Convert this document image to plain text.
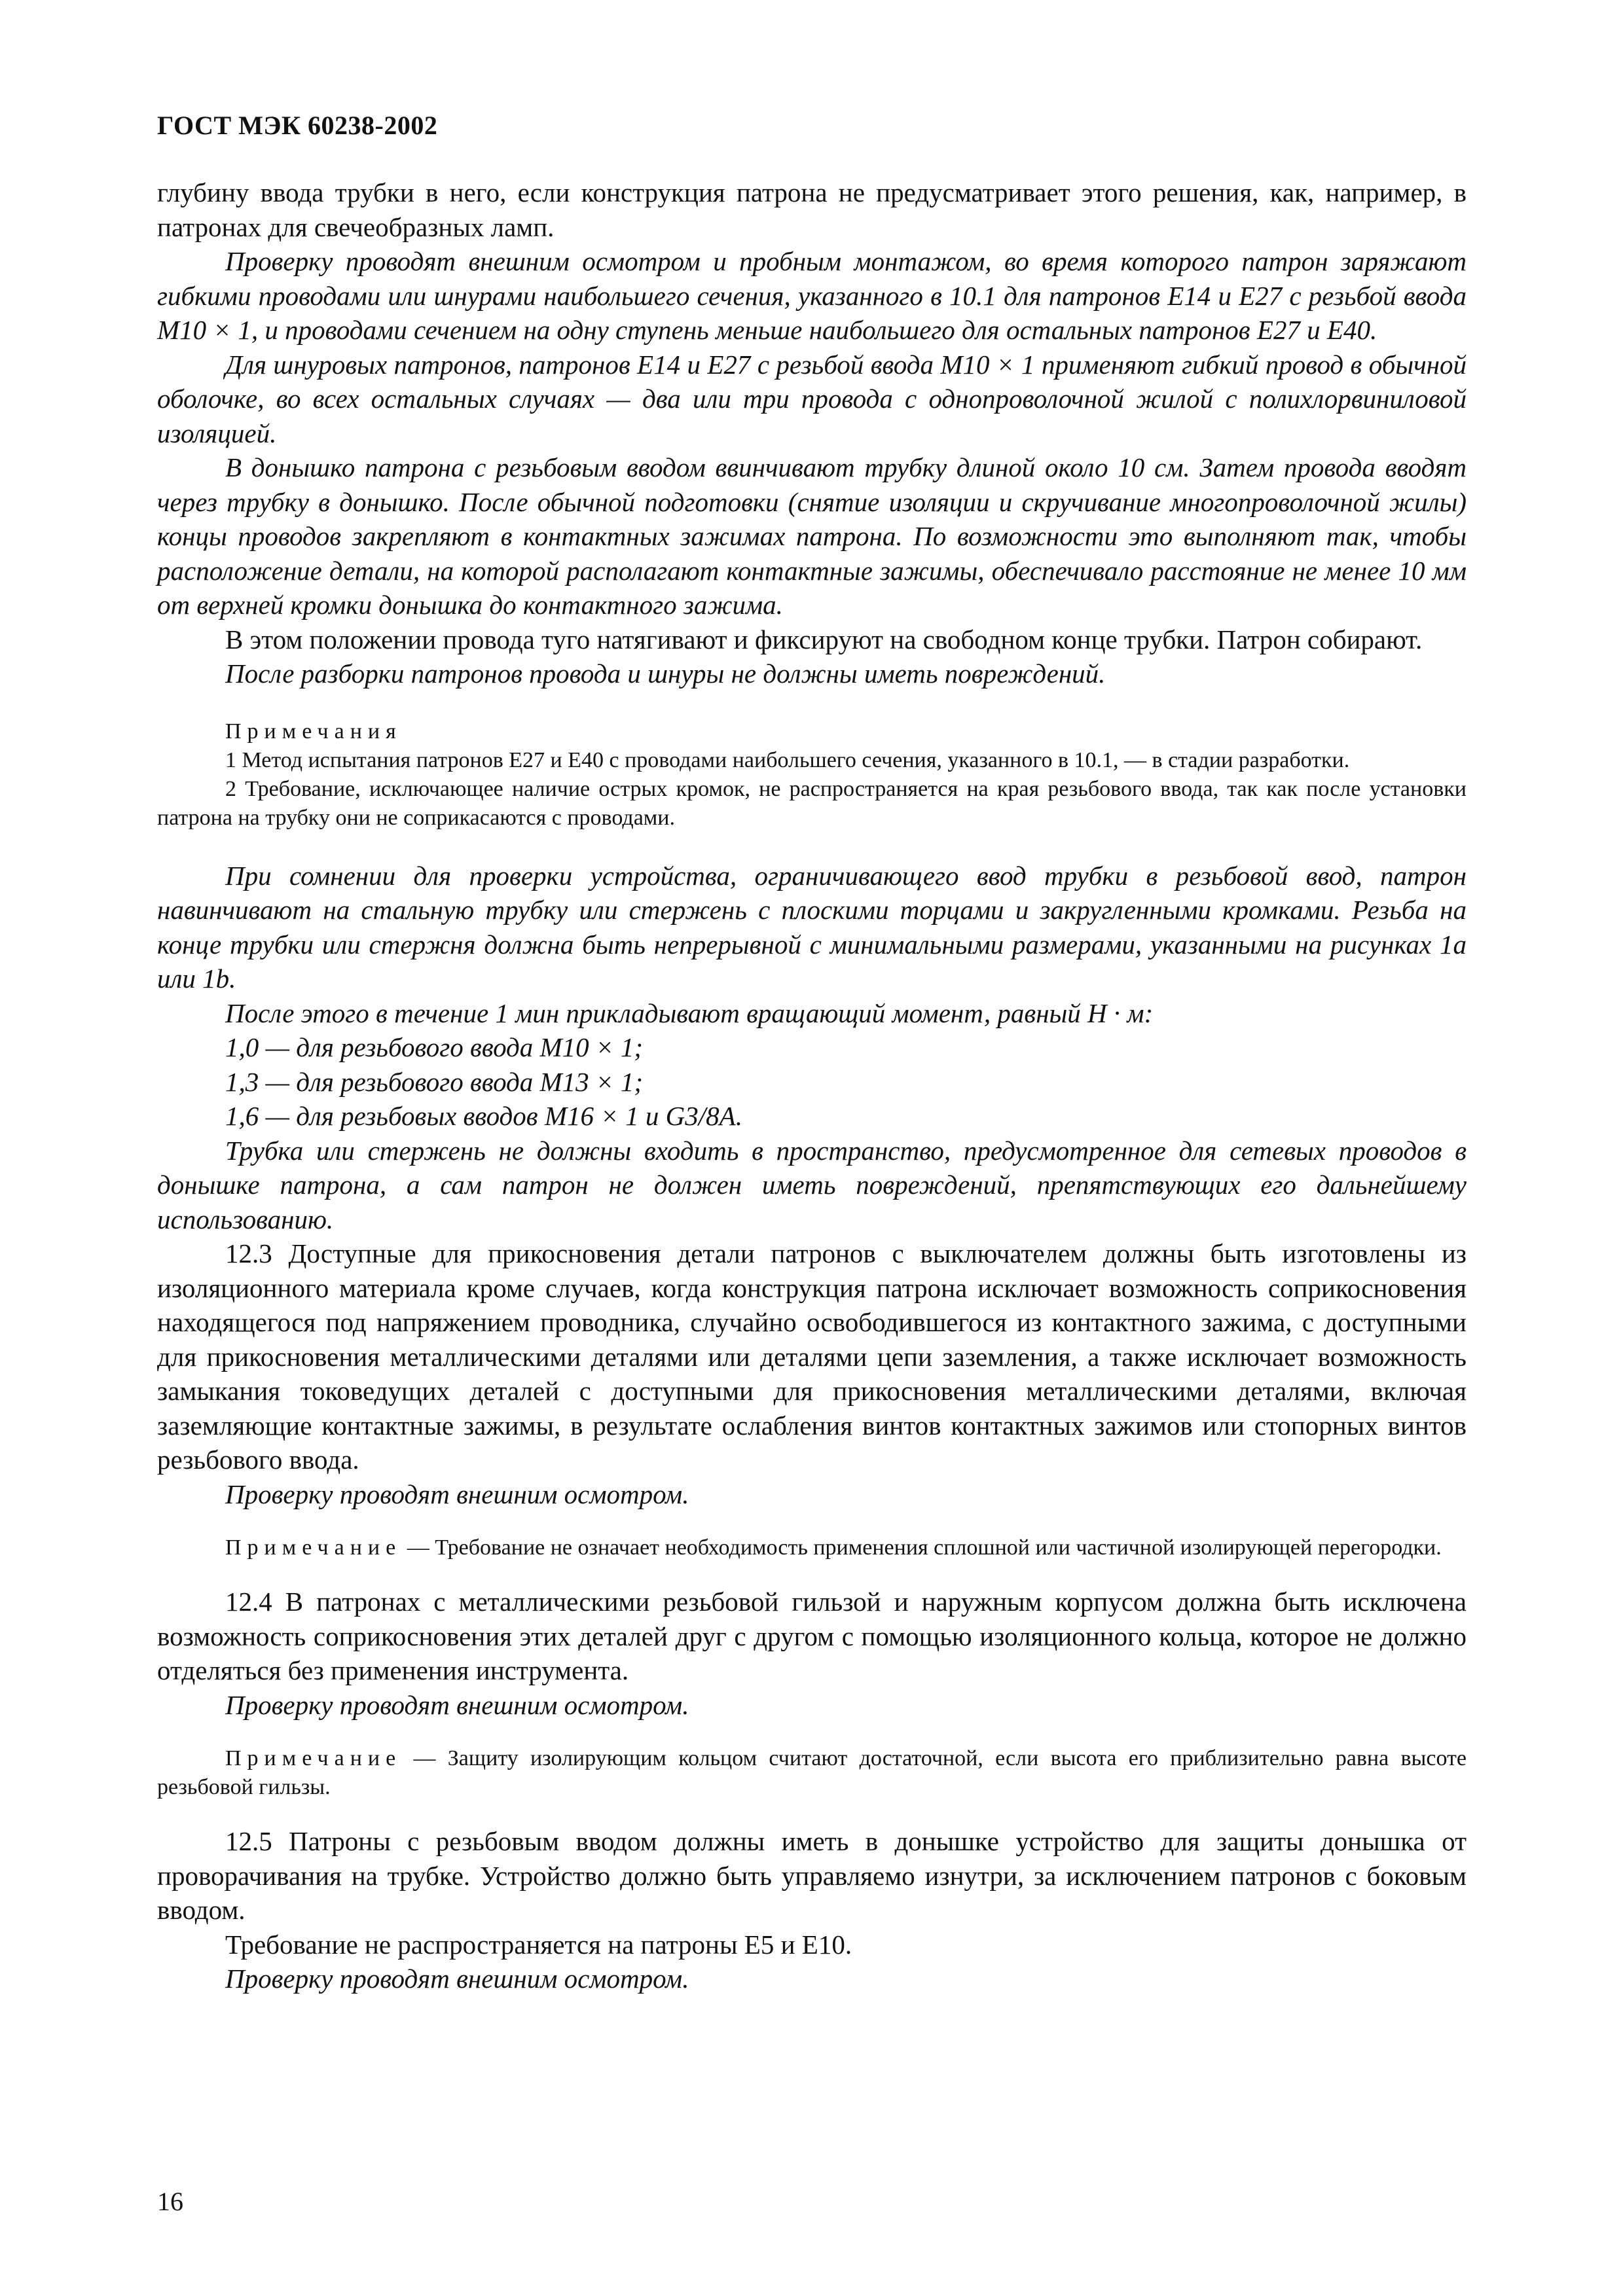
ГОСТ МЭК 60238-2002

глубину ввода трубки в него, если конструкция патрона не предусматривает этого решения, как, например, в патронах для свечеобразных ламп.

Проверку проводят внешним осмотром и пробным монтажом, во время которого патрон заряжают гибкими проводами или шнурами наибольшего сечения, указанного в 10.1 для патронов Е14 и Е27 с резьбой ввода M10 × 1, и проводами сечением на одну ступень меньше наибольшего для остальных патронов Е27 и Е40.

Для шнуровых патронов, патронов Е14 и Е27 с резьбой ввода М10 × 1 применяют гибкий провод в обычной оболочке, во всех остальных случаях — два или три провода с однопроволочной жилой с полихлорвиниловой изоляцией.

В донышко патрона с резьбовым вводом ввинчивают трубку длиной около 10 см. Затем провода вводят через трубку в донышко. После обычной подготовки (снятие изоляции и скручивание многопроволочной жилы) концы проводов закрепляют в контактных зажимах патрона. По возможности это выполняют так, чтобы расположение детали, на которой располагают контактные зажимы, обеспечивало расстояние не менее 10 мм от верхней кромки донышка до контактного зажима.

В этом положении провода туго натягивают и фиксируют на свободном конце трубки. Патрон собирают.

После разборки патронов провода и шнуры не должны иметь повреждений.

Примечания

1 Метод испытания патронов Е27 и Е40 с проводами наибольшего сечения, указанного в 10.1, — в стадии разработки.

2 Требование, исключающее наличие острых кромок, не распространяется на края резьбового ввода, так как после установки патрона на трубку они не соприкасаются с проводами.

При сомнении для проверки устройства, ограничивающего ввод трубки в резьбовой ввод, патрон навинчивают на стальную трубку или стержень с плоскими торцами и закругленными кромками. Резьба на конце трубки или стержня должна быть непрерывной с минимальными размерами, указанными на рисунках 1а или 1b.

После этого в течение 1 мин прикладывают вращающий момент, равный Н · м:

1,0 — для резьбового ввода М10 × 1;

1,3 — для резьбового ввода М13 × 1;

1,6 — для резьбовых вводов М16 × 1 и G3/8A.

Трубка или стержень не должны входить в пространство, предусмотренное для сетевых проводов в донышке патрона, а сам патрон не должен иметь повреждений, препятствующих его дальнейшему использованию.

12.3 Доступные для прикосновения детали патронов с выключателем должны быть изготовлены из изоляционного материала кроме случаев, когда конструкция патрона исключает возможность соприкосновения находящегося под напряжением проводника, случайно освободившегося из контактного зажима, с доступными для прикосновения металлическими деталями или деталями цепи заземления, а также исключает возможность замыкания токоведущих деталей с доступными для прикосновения металлическими деталями, включая заземляющие контактные зажимы, в результате ослабления винтов контактных зажимов или стопорных винтов резьбового ввода.

Проверку проводят внешним осмотром.

Примечание — Требование не означает необходимость применения сплошной или частичной изолирующей перегородки.

12.4 В патронах с металлическими резьбовой гильзой и наружным корпусом должна быть исключена возможность соприкосновения этих деталей друг с другом с помощью изоляционного кольца, которое не должно отделяться без применения инструмента.

Проверку проводят внешним осмотром.

Примечание — Защиту изолирующим кольцом считают достаточной, если высота его приблизительно равна высоте резьбовой гильзы.

12.5 Патроны с резьбовым вводом должны иметь в донышке устройство для защиты донышка от проворачивания на трубке. Устройство должно быть управляемо изнутри, за исключением патронов с боковым вводом.

Требование не распространяется на патроны Е5 и Е10.

Проверку проводят внешним осмотром.

16
